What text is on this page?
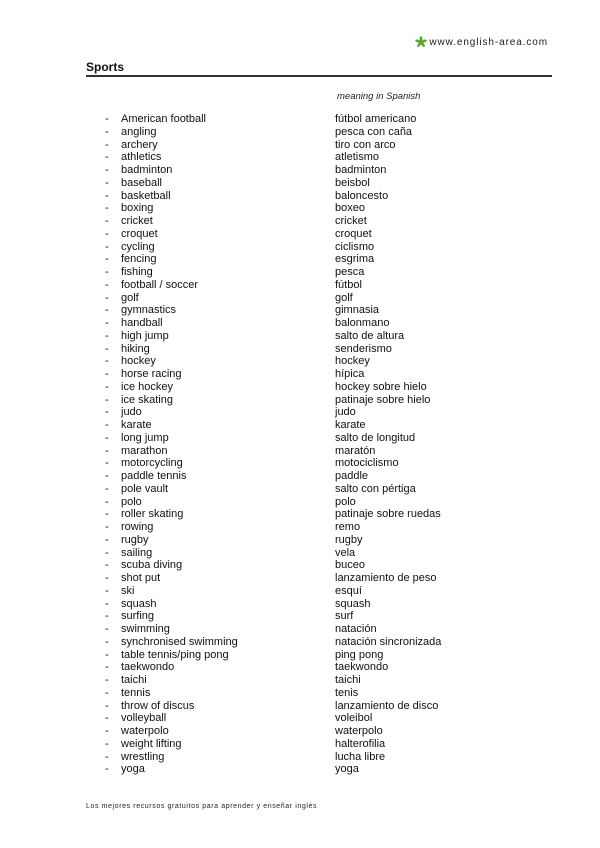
www.english-area.com
Sports
meaning in Spanish
- American football	fútbol americano
- angling	pesca con caña
- archery	tiro con arco
- athletics	atletismo
- badminton	badminton
- baseball	beisbol
- basketball	baloncesto
- boxing	boxeo
- cricket	cricket
- croquet	croquet
- cycling	ciclismo
- fencing	esgrima
- fishing	pesca
- football / soccer	fútbol
- golf	golf
- gymnastics	gimnasia
- handball	balonmano
- high jump	salto de altura
- hiking	senderismo
- hockey	hockey
- horse racing	hípica
- ice hockey	hockey sobre hielo
- ice skating	patinaje sobre hielo
- judo	judo
- karate	karate
- long jump	salto de longitud
- marathon	maratón
- motorcycling	motociclismo
- paddle tennis	paddle
- pole vault	salto con pértiga
- polo	polo
- roller skating	patinaje sobre ruedas
- rowing	remo
- rugby	rugby
- sailing	vela
- scuba diving	buceo
- shot put	lanzamiento de peso
- ski	esquí
- squash	squash
- surfing	surf
- swimming	natación
- synchronised swimming	natación sincronizada
- table tennis/ping pong	ping pong
- taekwondo	taekwondo
- taichi	taichi
- tennis	tenis
- throw of discus	lanzamiento de disco
- volleyball	voleibol
- waterpolo	waterpolo
- weight lifting	halterofilia
- wrestling	lucha libre
- yoga	yoga
Los mejores recursos gratuitos para aprender y enseñar inglés
